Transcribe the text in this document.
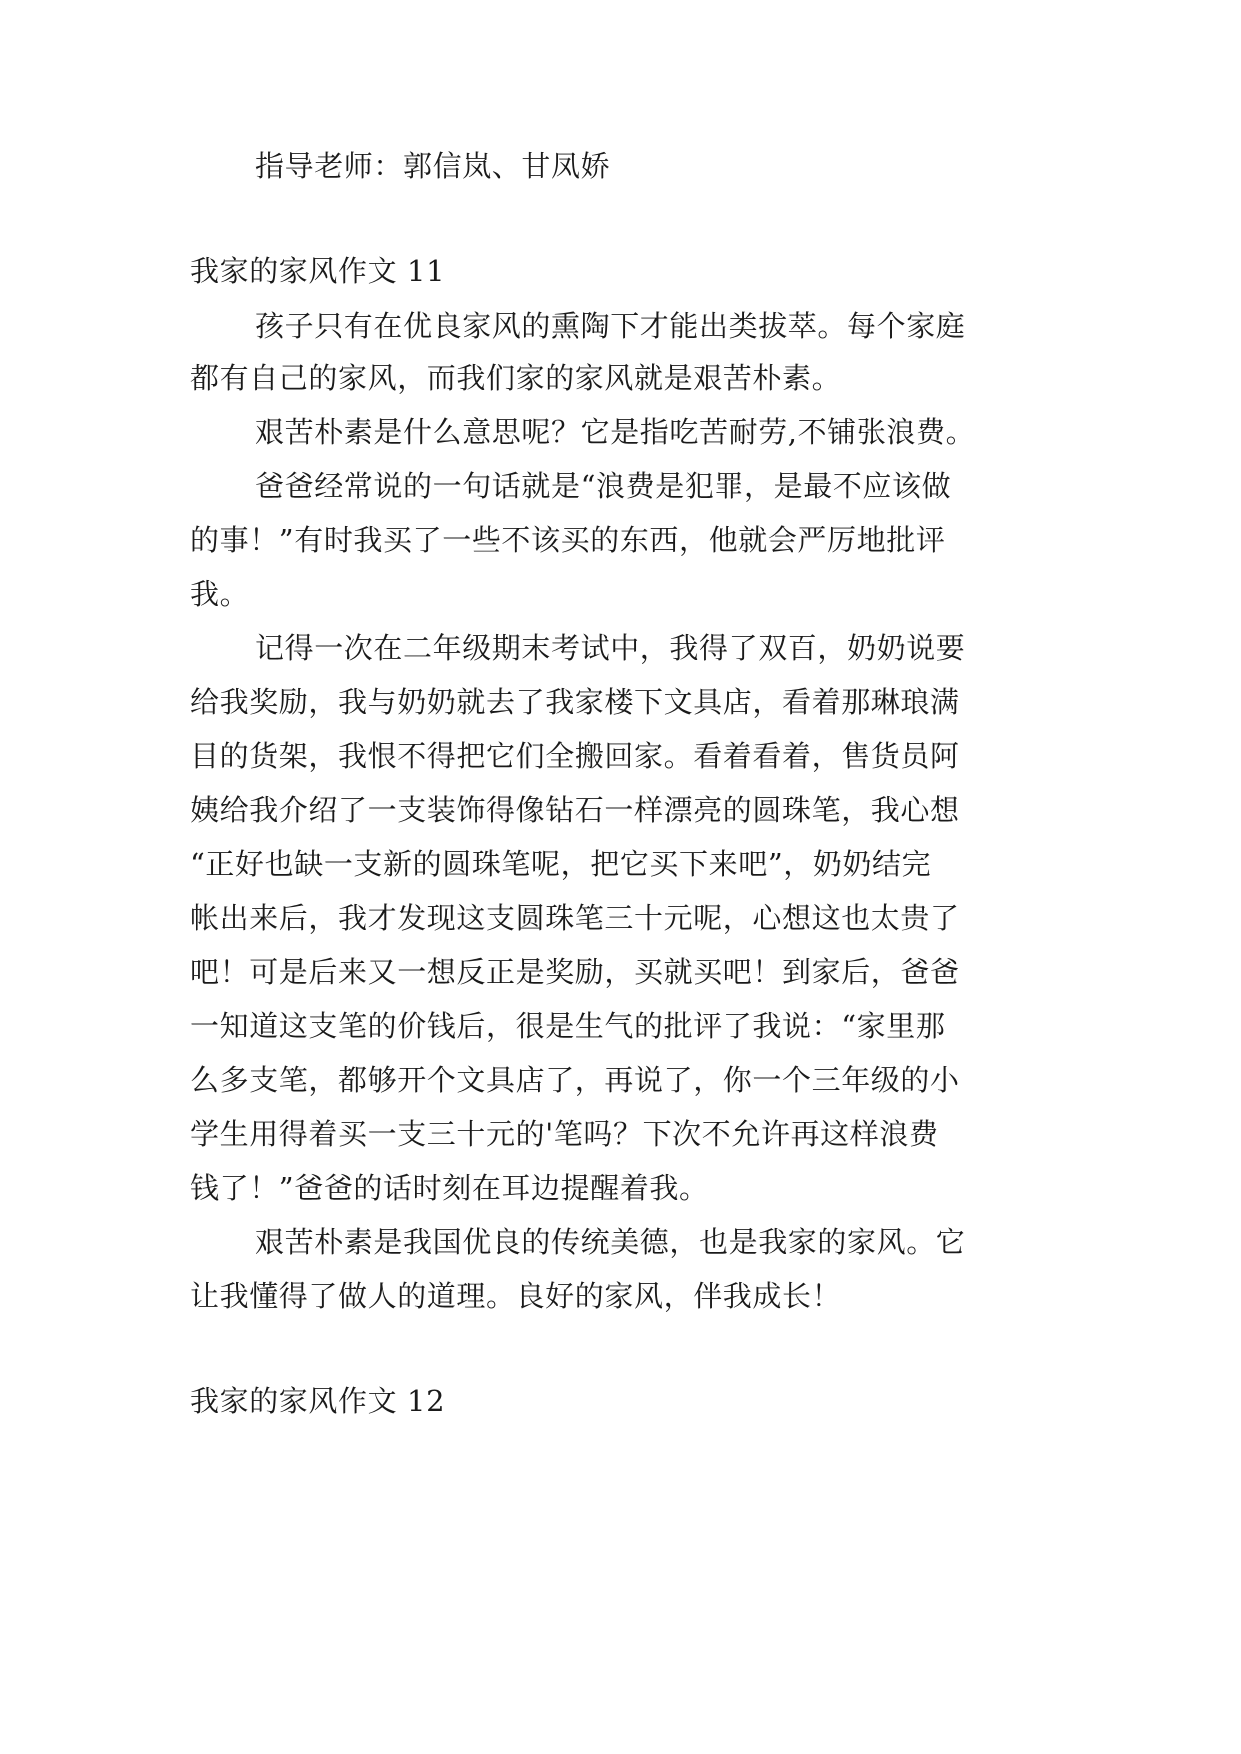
指导老师：郭信岚、甘凤娇
我家的家风作文 11
孩子只有在优良家风的熏陶下才能出类拔萃。每个家庭
都有自己的家风，而我们家的家风就是艰苦朴素。
艰苦朴素是什么意思呢？它是指吃苦耐劳,不铺张浪费。
爸爸经常说的一句话就是“浪费是犯罪，是最不应该做
的事！”有时我买了一些不该买的东西，他就会严厉地批评
我。
记得一次在二年级期末考试中，我得了双百，奶奶说要
给我奖励，我与奶奶就去了我家楼下文具店，看着那琳琅满
目的货架，我恨不得把它们全搬回家。看着看着，售货员阿
姨给我介绍了一支装饰得像钻石一样漂亮的圆珠笔，我心想
“正好也缺一支新的圆珠笔呢，把它买下来吧”，奶奶结完
帐出来后，我才发现这支圆珠笔三十元呢，心想这也太贵了
吧！可是后来又一想反正是奖励，买就买吧！到家后，爸爸
一知道这支笔的价钱后，很是生气的批评了我说：“家里那
么多支笔，都够开个文具店了，再说了，你一个三年级的小
学生用得着买一支三十元的'笔吗？下次不允许再这样浪费
钱了！”爸爸的话时刻在耳边提醒着我。
艰苦朴素是我国优良的传统美德，也是我家的家风。它
让我懂得了做人的道理。良好的家风，伴我成长！
我家的家风作文 12
